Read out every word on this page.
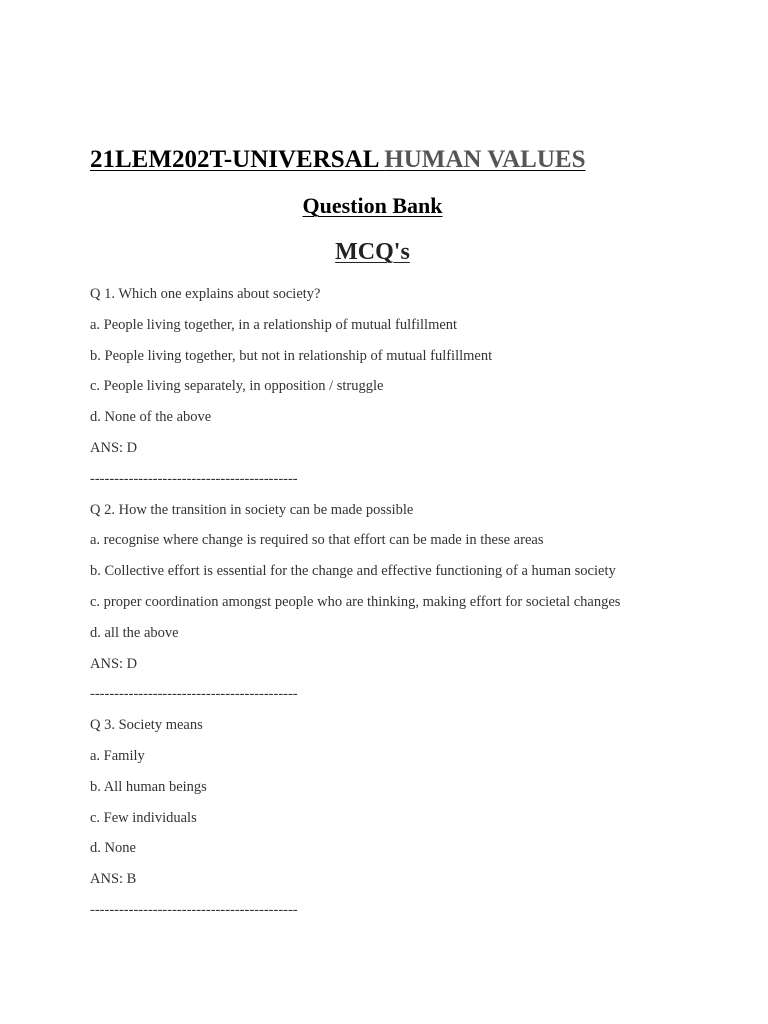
21LEM202T-UNIVERSAL HUMAN VALUES
Question Bank
MCQ's
Q 1. Which one explains about society?
a. People living together, in a relationship of mutual fulfillment
b. People living together, but not in relationship of mutual fulfillment
c. People living separately, in opposition / struggle
d. None of the above
ANS: D
-------------------------------------------
Q 2. How the transition in society can be made possible
a. recognise where change is required so that effort can be made in these areas
b. Collective effort is essential for the change and effective functioning of a human society
c. proper coordination amongst people who are thinking, making effort for societal changes
d. all the above
ANS: D
-------------------------------------------
Q 3. Society means
a. Family
b. All human beings
c. Few individuals
d. None
ANS: B
-------------------------------------------
